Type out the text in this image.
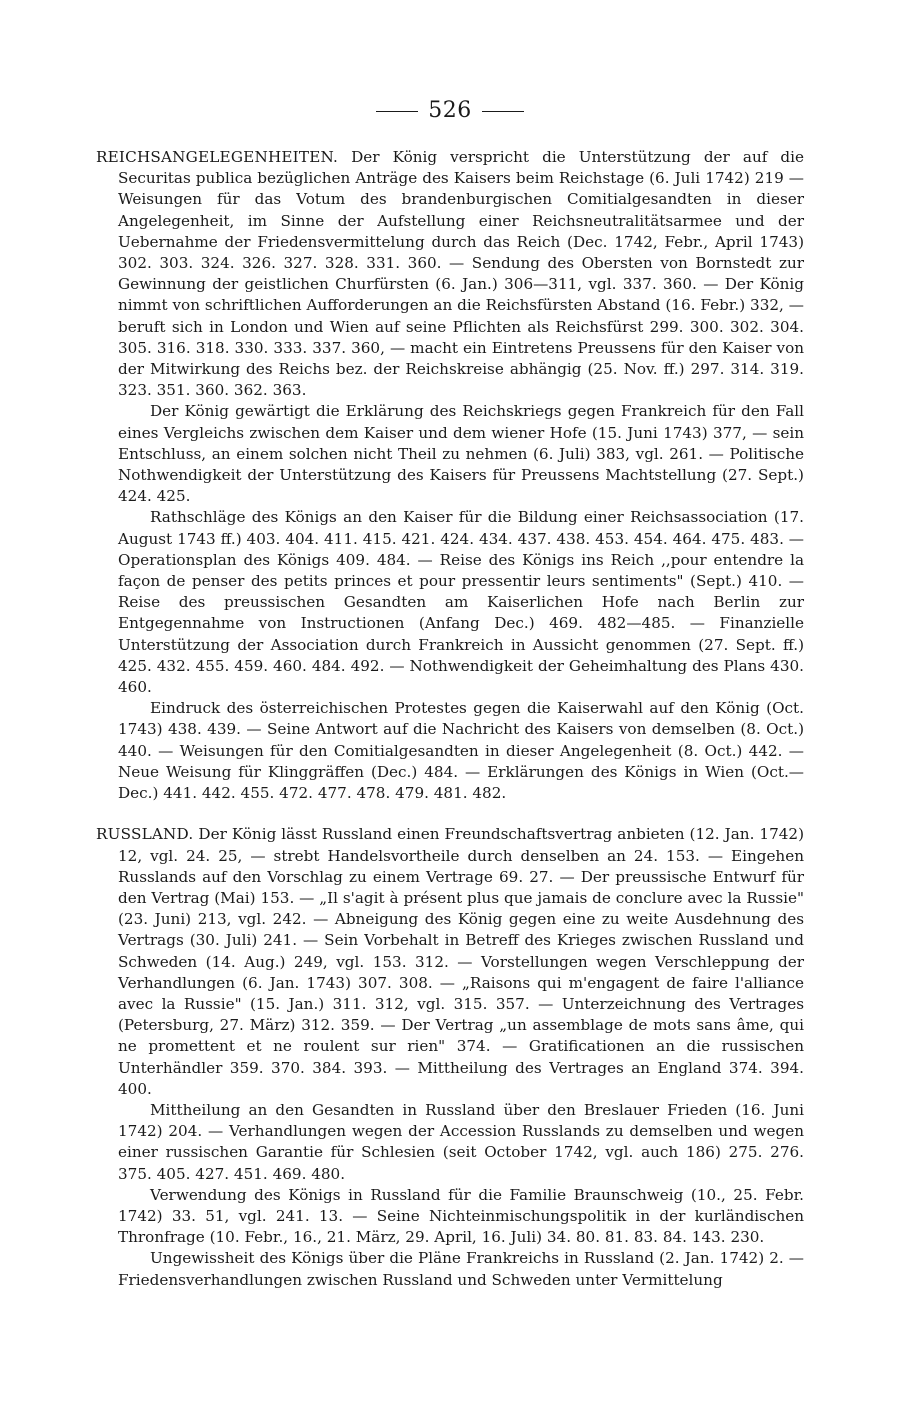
526

REICHSANGELEGENHEITEN. Der König verspricht die Unterstützung der auf die Securitas publica bezüglichen Anträge des Kaisers beim Reichstage (6. Juli 1742) 219 — Weisungen für das Votum des brandenburgischen Comitialgesandten in dieser Angelegenheit, im Sinne der Aufstellung einer Reichsneutralitätsarmee und der Uebernahme der Friedensvermittelung durch das Reich (Dec. 1742, Febr., April 1743) 302. 303. 324. 326. 327. 328. 331. 360. — Sendung des Obersten von Bornstedt zur Gewinnung der geistlichen Churfürsten (6. Jan.) 306—311, vgl. 337. 360. — Der König nimmt von schriftlichen Aufforderungen an die Reichsfürsten Abstand (16. Febr.) 332, — beruft sich in London und Wien auf seine Pflichten als Reichsfürst 299. 300. 302. 304. 305. 316. 318. 330. 333. 337. 360, — macht ein Eintretens Preussens für den Kaiser von der Mitwirkung des Reichs bez. der Reichskreise abhängig (25. Nov. ff.) 297. 314. 319. 323. 351. 360. 362. 363.

Der König gewärtigt die Erklärung des Reichskriegs gegen Frankreich für den Fall eines Vergleichs zwischen dem Kaiser und dem wiener Hofe (15. Juni 1743) 377, — sein Entschluss, an einem solchen nicht Theil zu nehmen (6. Juli) 383, vgl. 261. — Politische Nothwendigkeit der Unterstützung des Kaisers für Preussens Machtstellung (27. Sept.) 424. 425.

Rathschläge des Königs an den Kaiser für die Bildung einer Reichsassociation (17. August 1743 ff.) 403. 404. 411. 415. 421. 424. 434. 437. 438. 453. 454. 464. 475. 483. — Operationsplan des Königs 409. 484. — Reise des Königs ins Reich ,,pour entendre la façon de penser des petits princes et pour pressentir leurs sentiments" (Sept.) 410. — Reise des preussischen Gesandten am Kaiserlichen Hofe nach Berlin zur Entgegennahme von Instructionen (Anfang Dec.) 469. 482—485. — Finanzielle Unterstützung der Association durch Frankreich in Aussicht genommen (27. Sept. ff.) 425. 432. 455. 459. 460. 484. 492. — Nothwendigkeit der Geheimhaltung des Plans 430. 460.

Eindruck des österreichischen Protestes gegen die Kaiserwahl auf den König (Oct. 1743) 438. 439. — Seine Antwort auf die Nachricht des Kaisers von demselben (8. Oct.) 440. — Weisungen für den Comitialgesandten in dieser Angelegenheit (8. Oct.) 442. — Neue Weisung für Klinggräffen (Dec.) 484. — Erklärungen des Königs in Wien (Oct.—Dec.) 441. 442. 455. 472. 477. 478. 479. 481. 482.

RUSSLAND. Der König lässt Russland einen Freundschaftsvertrag anbieten (12. Jan. 1742) 12, vgl. 24. 25, — strebt Handelsvortheile durch denselben an 24. 153. — Eingehen Russlands auf den Vorschlag zu einem Vertrage 69. 27. — Der preussische Entwurf für den Vertrag (Mai) 153. — „Il s'agit à présent plus que jamais de conclure avec la Russie" (23. Juni) 213, vgl. 242. — Abneigung des König gegen eine zu weite Ausdehnung des Vertrags (30. Juli) 241. — Sein Vorbehalt in Betreff des Krieges zwischen Russland und Schweden (14. Aug.) 249, vgl. 153. 312. — Vorstellungen wegen Verschleppung der Verhandlungen (6. Jan. 1743) 307. 308. — „Raisons qui m'engagent de faire l'alliance avec la Russie" (15. Jan.) 311. 312, vgl. 315. 357. — Unterzeichnung des Vertrages (Petersburg, 27. März) 312. 359. — Der Vertrag „un assemblage de mots sans âme, qui ne promettent et ne roulent sur rien" 374. — Gratificationen an die russischen Unterhändler 359. 370. 384. 393. — Mittheilung des Vertrages an England 374. 394. 400.

Mittheilung an den Gesandten in Russland über den Breslauer Frieden (16. Juni 1742) 204. — Verhandlungen wegen der Accession Russlands zu demselben und wegen einer russischen Garantie für Schlesien (seit October 1742, vgl. auch 186) 275. 276. 375. 405. 427. 451. 469. 480.

Verwendung des Königs in Russland für die Familie Braunschweig (10., 25. Febr. 1742) 33. 51, vgl. 241. 13. — Seine Nichteinmischungspolitik in der kurländischen Thronfrage (10. Febr., 16., 21. März, 29. April, 16. Juli) 34. 80. 81. 83. 84. 143. 230.

Ungewissheit des Königs über die Pläne Frankreichs in Russland (2. Jan. 1742) 2. — Friedensverhandlungen zwischen Russland und Schweden unter Vermittelung
